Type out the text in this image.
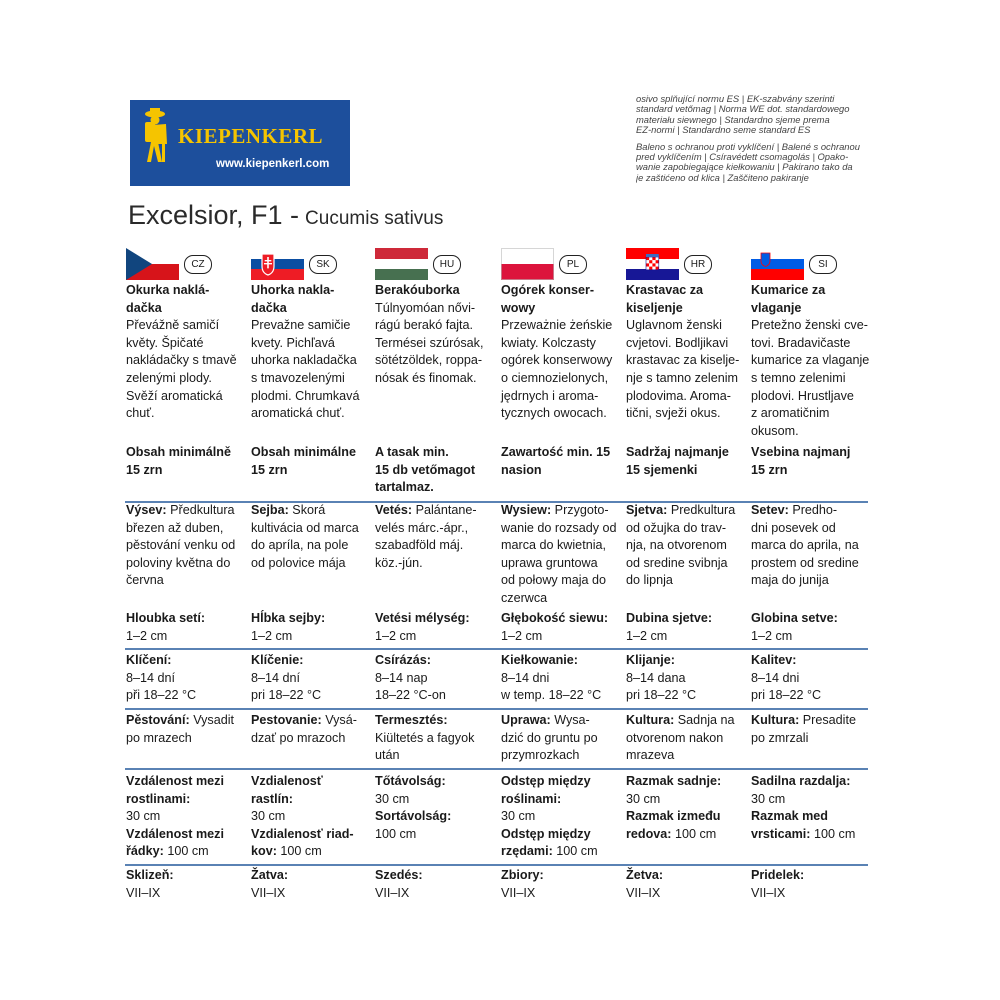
KIEPENKERL
www.kiepenkerl.com
osivo splňující normu ES | EK-szabvány szerinti
standard vetőmag | Norma WE dot. standardowego
materiału siewnego | Standardno sjeme prema
EZ-normi | Standardno seme standard ES
Baleno s ochranou proti vyklíčení | Balené s ochranou
pred vyklíčením | Csíravédett csomagolás | Opako-
wanie zapobiegające kiełkowaniu | Pakirano tako da
je zaštićeno od klica | Zaščiteno pakiranje
Excelsior, F1 - Cucumis sativus
CZ
Okurka naklá-
dačka
Převážně samičí
květy. Špičaté
nakládačky s tmavě
zelenými plody.
Svěží aromatická
chuť.
Obsah minimálně
15 zrn
Výsev: Předkultura
březen až duben,
pěstování venku od
poloviny května do
června
Hloubka setí:
1–2 cm
Klíčení:
8–14 dní
při 18–22 °C
Pěstování: Vysadit
po mrazech
Vzdálenost mezi
rostlinami:
30 cm
Vzdálenost mezi
řádky: 100 cm
Sklizeň:
VII–IX
SK
Uhorka nakla-
dačka
Prevažne samičie
kvety. Pichľavá
uhorka nakladačka
s tmavozelenými
plodmi. Chrumkavá
aromatická chuť.
Obsah minimálne
15 zrn
Sejba: Skorá
kultivácia od marca
do apríla, na pole
od polovice mája
Hĺbka sejby:
1–2 cm
Klíčenie:
8–14 dní
pri 18–22 °C
Pestovanie: Vysá-
dzať po mrazoch
Vzdialenosť
rastlín:
30 cm
Vzdialenosť riad-
kov: 100 cm
Žatva:
VII–IX
HU
Berakóuborka
Túlnyomóan nővi-
rágú berakó fajta.
Termései szúrósak,
sötétzöldek, roppa-
nósak és finomak.
A tasak min.
15 db vetőmagot
tartalmaz.
Vetés: Palántane-
velés márc.-ápr.,
szabadföld máj.
köz.-jún.
Vetési mélység:
1–2 cm
Csírázás:
8–14 nap
18–22 °C-on
Termesztés:
Kiültetés a fagyok
után
Tőtávolság:
30 cm
Sortávolság:
100 cm
Szedés:
VII–IX
PL
Ogórek konser-
wowy
Przeważnie żeńskie
kwiaty. Kolczasty
ogórek konserwowy
o ciemnozielonych,
jędrnych i aroma-
tycznych owocach.
Zawartość min. 15
nasion
Wysiew: Przygoto-
wanie do rozsady od
marca do kwietnia,
uprawa gruntowa
od połowy maja do
czerwca
Głębokość siewu:
1–2 cm
Kiełkowanie:
8–14 dni
w temp. 18–22 °C
Uprawa: Wysa-
dzić do gruntu po
przymrozkach
Odstęp między
roślinami:
30 cm
Odstęp między
rzędami: 100 cm
Zbiory:
VII–IX
HR
Krastavac za
kiseljenje
Uglavnom ženski
cvjetovi. Bodljikavi
krastavac za kiselje-
nje s tamno zelenim
plodovima. Aroma-
tični, svježi okus.
Sadržaj najmanje
15 sjemenki
Sjetva: Predkultura
od ožujka do trav-
nja, na otvorenom
od sredine svibnja
do lipnja
Dubina sjetve:
1–2 cm
Klijanje:
8–14 dana
pri 18–22 °C
Kultura: Sadnja na
otvorenom nakon
mrazeva
Razmak sadnje:
30 cm
Razmak između
redova: 100 cm
Žetva:
VII–IX
SI
Kumarice za
vlaganje
Pretežno ženski cve-
tovi. Bradavičaste
kumarice za vlaganje
s temno zelenimi
plodovi. Hrustljave
z aromatičnim
okusom.
Vsebina najmanj
15 zrn
Setev: Predho-
dni posevek od
marca do aprila, na
prostem od sredine
maja do junija
Globina setve:
1–2 cm
Kalitev:
8–14 dni
pri 18–22 °C
Kultura: Presadite
po zmrzali
Sadilna razdalja:
30 cm
Razmak med
vrsticami: 100 cm
Pridelek:
VII–IX
